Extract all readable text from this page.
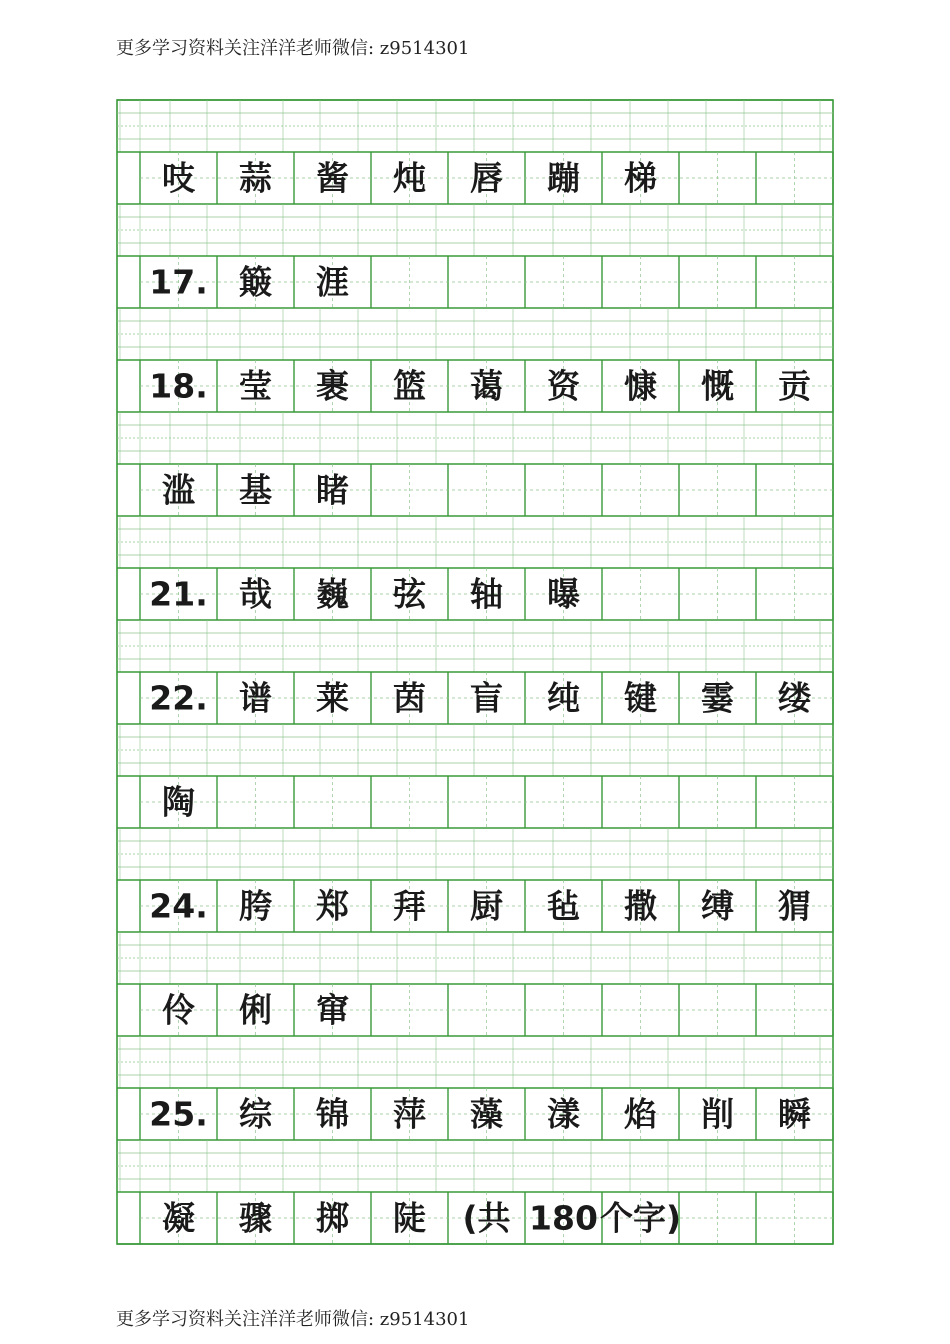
更多学习资料关注洋洋老师微信: z9514301
吱 蒜 酱 炖 唇 蹦 梯
17. 簸 涯
18. 莹 裹 篮 蔼 资 慷 慨 贡
滥 基 睹
21. 哉 巍 弦 轴 曝
22. 谱 莱 茵 盲 纯 键 霎 缕
陶
24. 胯 郑 拜 厨 毡 撒 缚 猬
伶 俐 窜
25. 综 锦 萍 藻 漾 焰 削 瞬
凝 骤 掷 陡 (共 180 个字)
更多学习资料关注洋洋老师微信: z9514301
